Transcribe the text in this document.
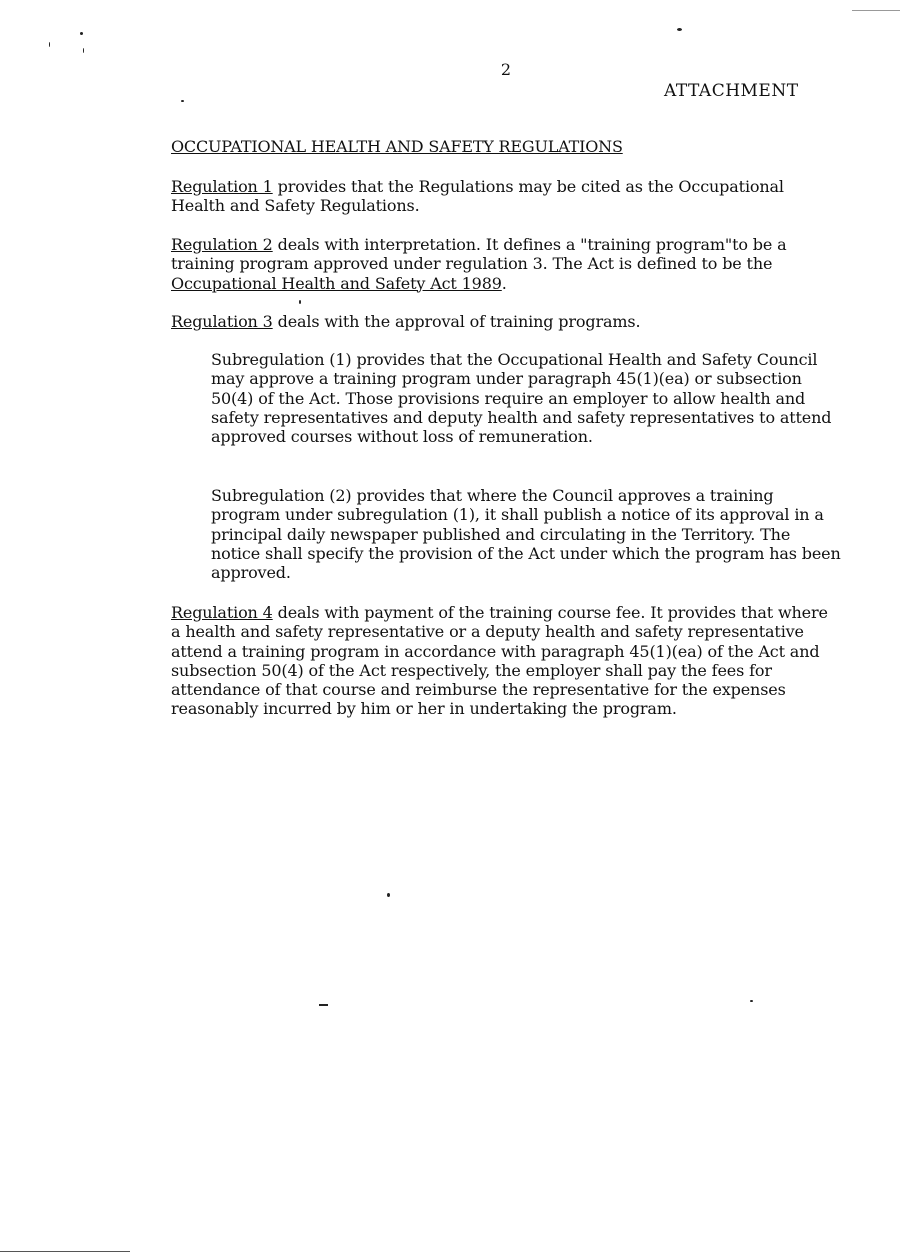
2
ATTACHMENT
OCCUPATIONAL HEALTH AND SAFETY REGULATIONS

Regulation 1 provides that the Regulations may be cited as the Occupational Health and Safety Regulations.

Regulation 2 deals with interpretation. It defines a "training program"to be a training program approved under regulation 3. The Act is defined to be the Occupational Health and Safety Act 1989.

Regulation 3 deals with the approval of training programs.

Subregulation (1) provides that the Occupational Health and Safety Council may approve a training program under paragraph 45(1)(ea) or subsection 50(4) of the Act. Those provisions require an employer to allow health and safety representatives and deputy health and safety representatives to attend approved courses without loss of remuneration.

Subregulation (2) provides that where the Council approves a training program under subregulation (1), it shall publish a notice of its approval in a principal daily newspaper published and circulating in the Territory. The notice shall specify the provision of the Act under which the program has been approved.

Regulation 4 deals with payment of the training course fee. It provides that where a health and safety representative or a deputy health and safety representative attend a training program in accordance with paragraph 45(1)(ea) of the Act and subsection 50(4) of the Act respectively, the employer shall pay the fees for attendance of that course and reimburse the representative for the expenses reasonably incurred by him or her in undertaking the program.
